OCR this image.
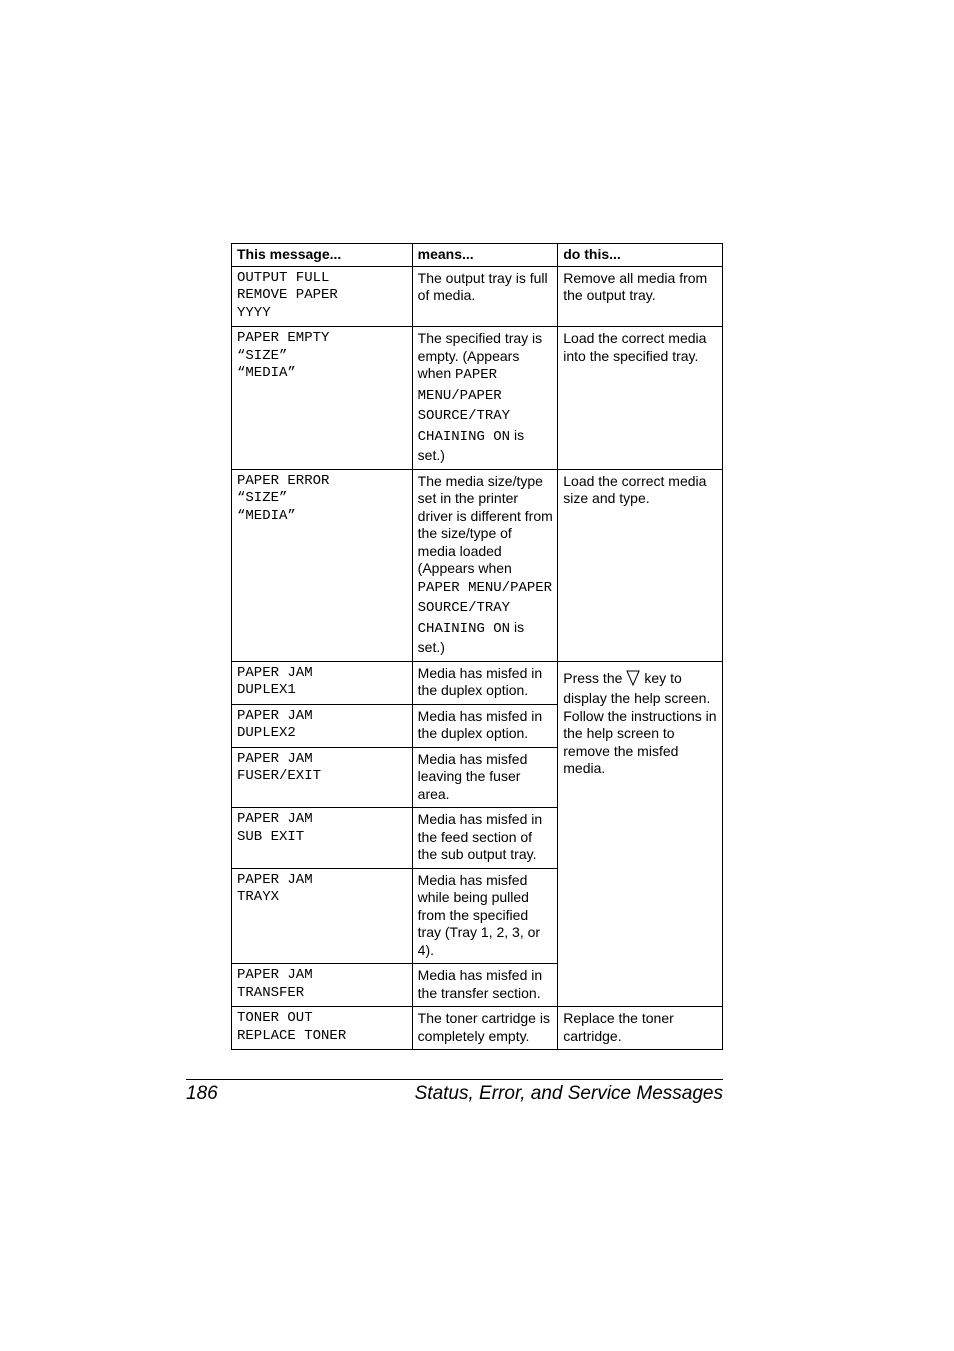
This message...	means...	do this...

OUTPUT FULL
REMOVE PAPER
YYYY	The output tray is full of media.	Remove all media from the output tray.

PAPER EMPTY
“SIZE”
“MEDIA”	The specified tray is empty. (Appears when PAPER MENU/PAPER SOURCE/TRAY CHAINING ON is set.)	Load the correct media into the specified tray.

PAPER ERROR
“SIZE”
“MEDIA”	The media size/type set in the printer driver is different from the size/type of media loaded (Appears when PAPER MENU/PAPER SOURCE/TRAY CHAINING ON is set.)	Load the correct media size and type.

PAPER JAM
DUPLEX1	Media has misfed in the duplex option.	Press the key to display the help screen. Follow the instructions in the help screen to remove the misfed media.

PAPER JAM
DUPLEX2	Media has misfed in the duplex option.	

PAPER JAM
FUSER/EXIT	Media has misfed leaving the fuser area.	

PAPER JAM
SUB EXIT	Media has misfed in the feed section of the sub output tray.	

PAPER JAM
TRAYX	Media has misfed while being pulled from the specified tray (Tray 1, 2, 3, or 4).	

PAPER JAM
TRANSFER	Media has misfed in the transfer section.	

TONER OUT
REPLACE TONER	The toner cartridge is completely empty.	Replace the toner cartridge.
186	Status, Error, and Service Messages
